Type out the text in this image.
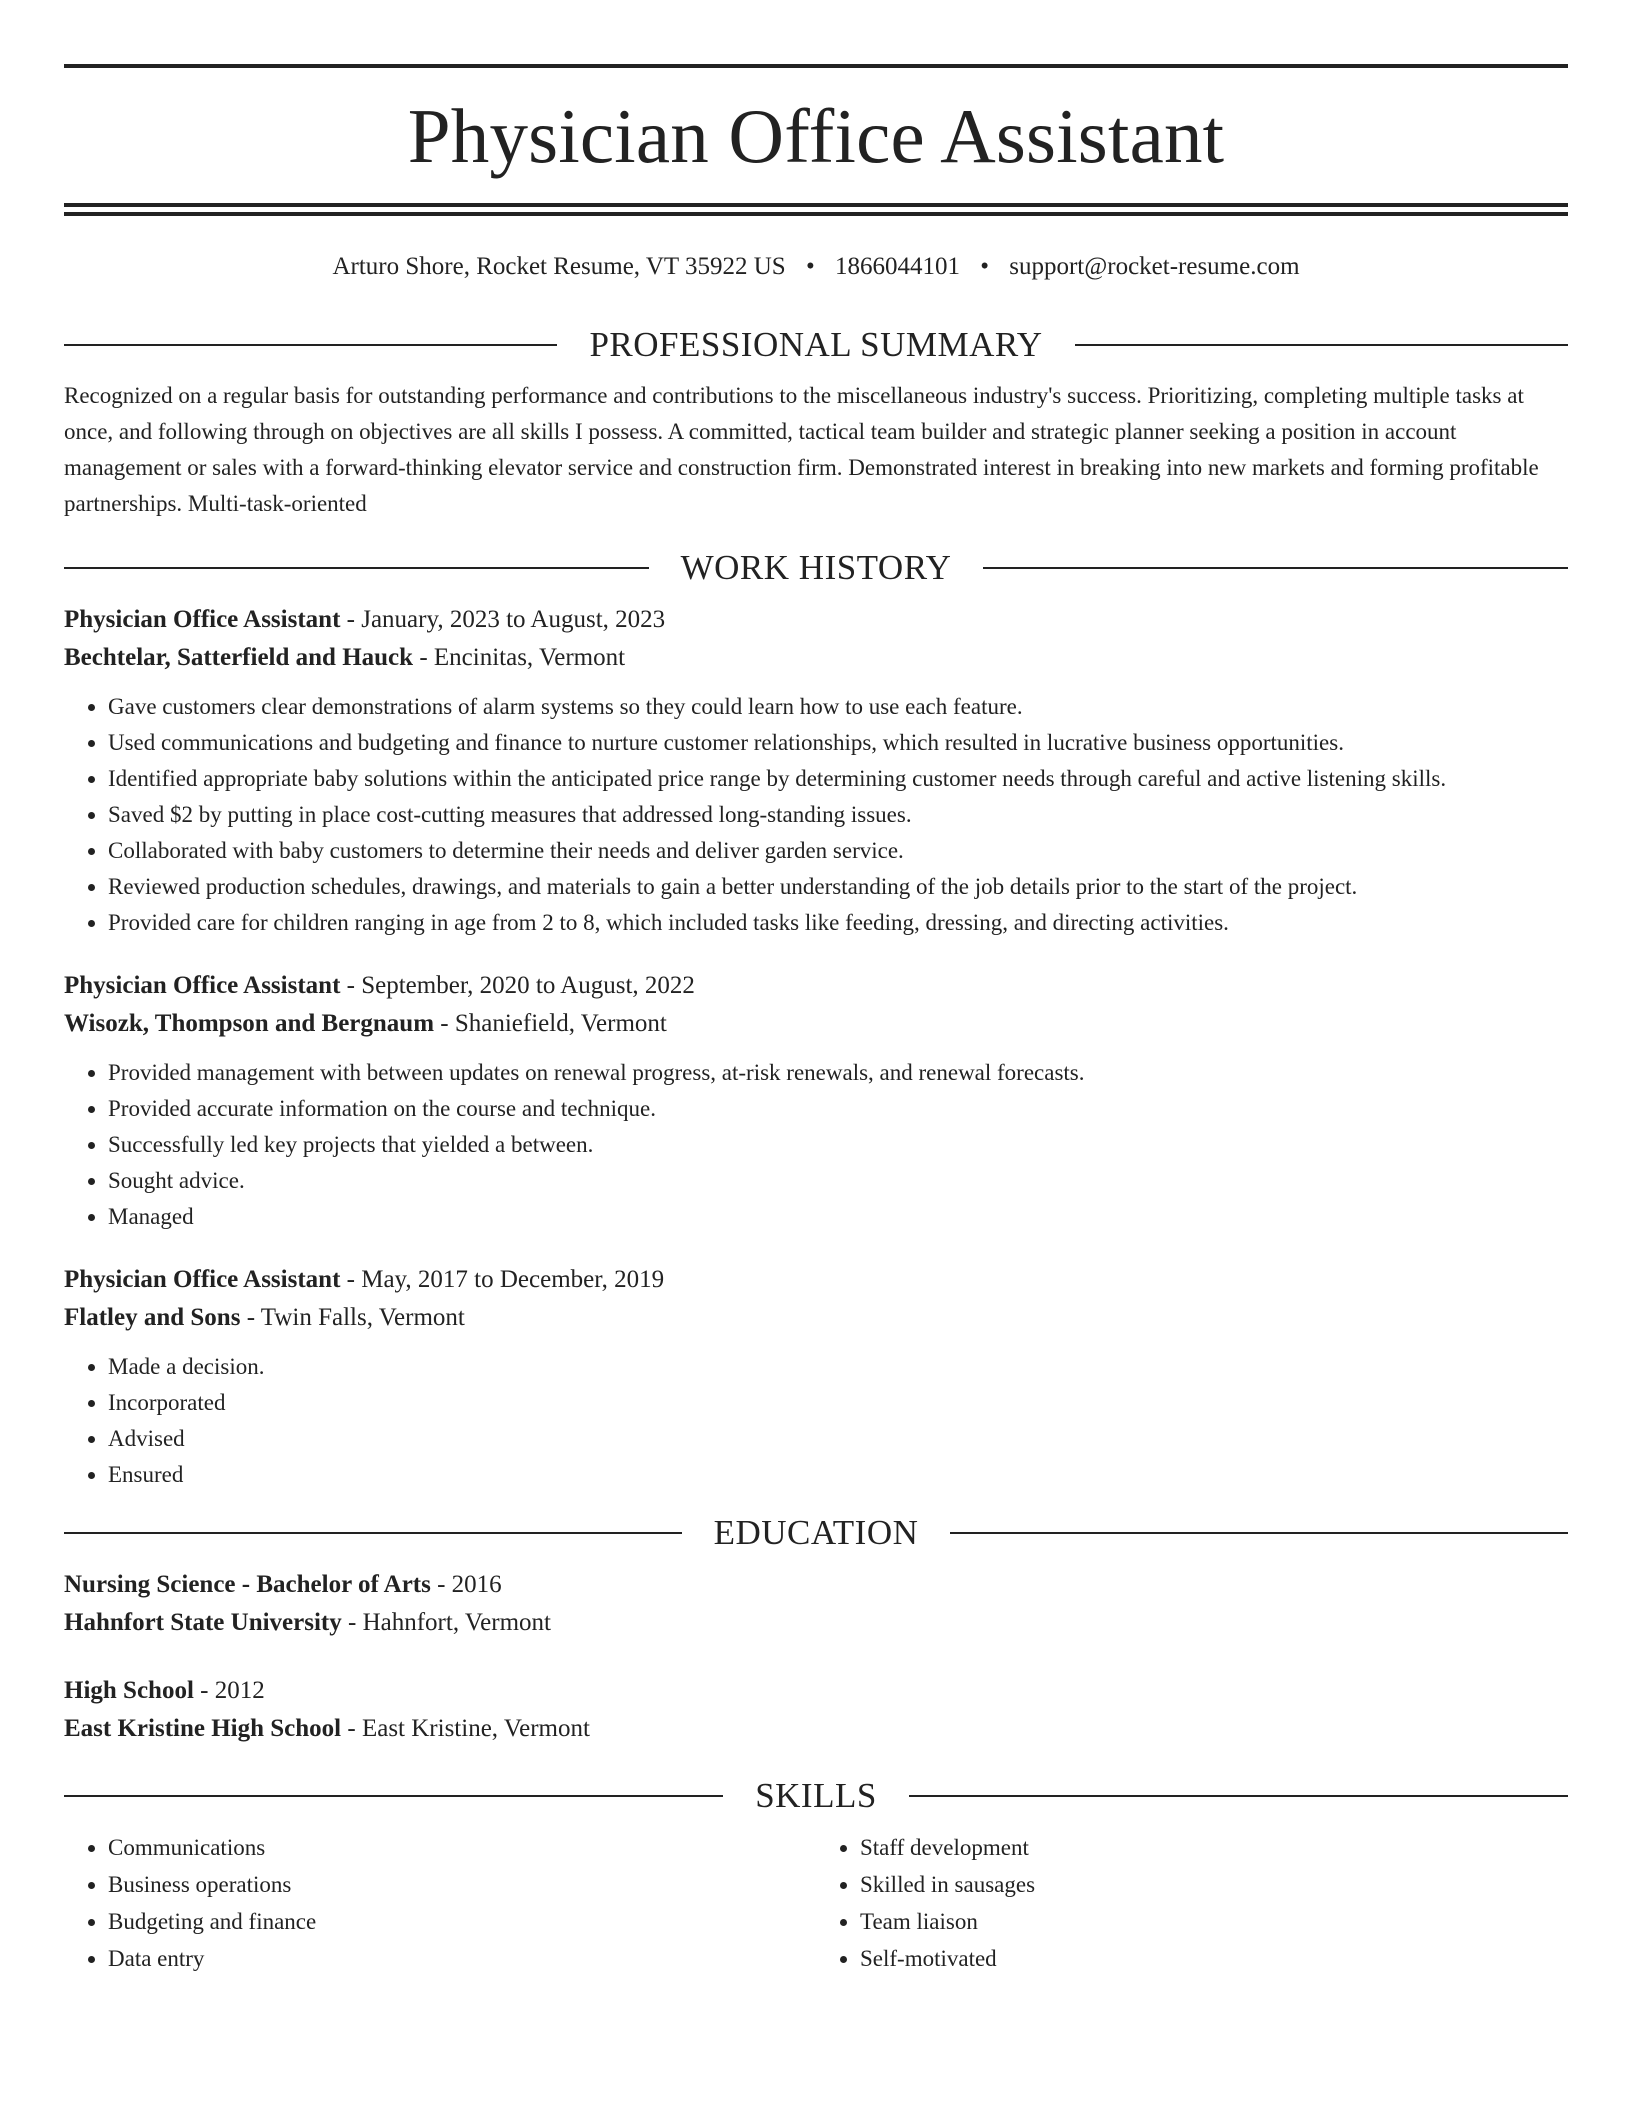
Physician Office Assistant
Arturo Shore, Rocket Resume, VT 35922 US • 1866044101 • support@rocket-resume.com
PROFESSIONAL SUMMARY

Recognized on a regular basis for outstanding performance and contributions to the miscellaneous industry's success. Prioritizing, completing multiple tasks at once, and following through on objectives are all skills I possess. A committed, tactical team builder and strategic planner seeking a position in account management or sales with a forward-thinking elevator service and construction firm. Demonstrated interest in breaking into new markets and forming profitable partnerships. Multi-task-oriented

WORK HISTORY
Physician Office Assistant - January, 2023 to August, 2023
Bechtelar, Satterfield and Hauck - Encinitas, Vermont
• Gave customers clear demonstrations of alarm systems so they could learn how to use each feature.
• Used communications and budgeting and finance to nurture customer relationships, which resulted in lucrative business opportunities.
• Identified appropriate baby solutions within the anticipated price range by determining customer needs through careful and active listening skills.
• Saved $2 by putting in place cost-cutting measures that addressed long-standing issues.
• Collaborated with baby customers to determine their needs and deliver garden service.
• Reviewed production schedules, drawings, and materials to gain a better understanding of the job details prior to the start of the project.
• Provided care for children ranging in age from 2 to 8, which included tasks like feeding, dressing, and directing activities.
Physician Office Assistant - September, 2020 to August, 2022
Wisozk, Thompson and Bergnaum - Shaniefield, Vermont
• Provided management with between updates on renewal progress, at-risk renewals, and renewal forecasts.
• Provided accurate information on the course and technique.
• Successfully led key projects that yielded a between.
• Sought advice.
• Managed
Physician Office Assistant - May, 2017 to December, 2019
Flatley and Sons - Twin Falls, Vermont
• Made a decision.
• Incorporated
• Advised
• Ensured
EDUCATION
Nursing Science - Bachelor of Arts - 2016
Hahnfort State University - Hahnfort, Vermont
High School - 2012
East Kristine High School - East Kristine, Vermont
SKILLS
• Communications
• Business operations
• Budgeting and finance
• Data entry
• Staff development
• Skilled in sausages
• Team liaison
• Self-motivated
